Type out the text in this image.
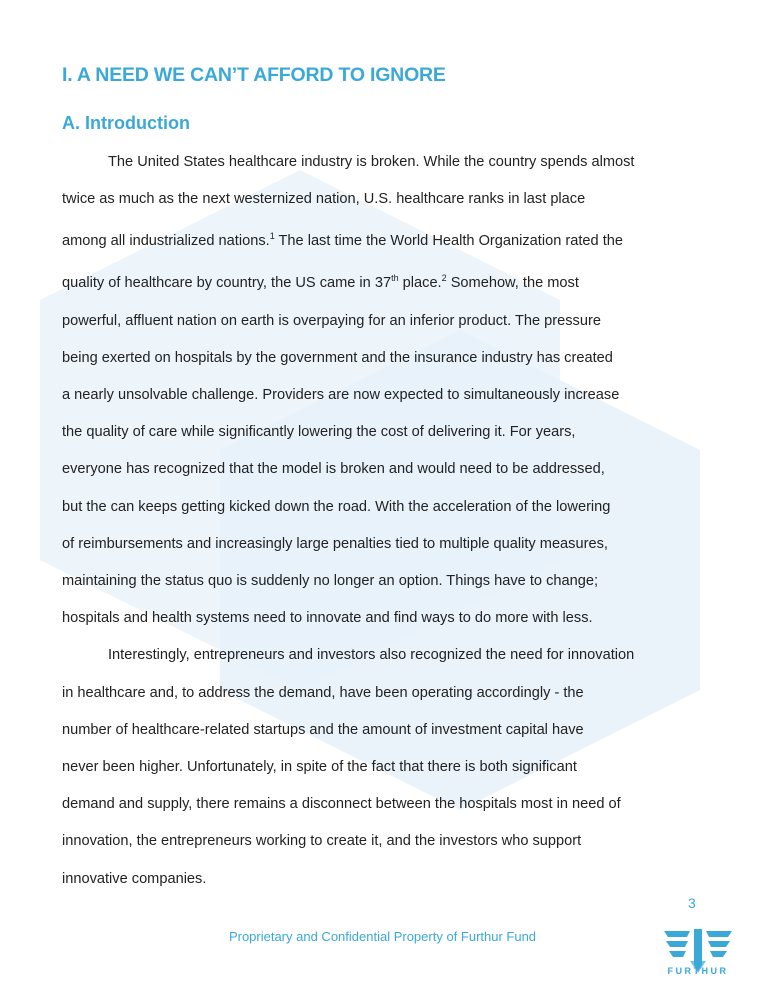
I. A NEED WE CAN’T AFFORD TO IGNORE
A. Introduction
The United States healthcare industry is broken. While the country spends almost
twice as much as the next westernized nation, U.S. healthcare ranks in last place
among all industrialized nations.$^1$ The last time the World Health Organization rated the
quality of healthcare by country, the US came in 37th place.$^2$ Somehow, the most
powerful, affluent nation on earth is overpaying for an inferior product. The pressure
being exerted on hospitals by the government and the insurance industry has created
a nearly unsolvable challenge. Providers are now expected to simultaneously increase
the quality of care while significantly lowering the cost of delivering it. For years,
everyone has recognized that the model is broken and would need to be addressed,
but the can keeps getting kicked down the road. With the acceleration of the lowering
of reimbursements and increasingly large penalties tied to multiple quality measures,
maintaining the status quo is suddenly no longer an option. Things have to change;
hospitals and health systems need to innovate and find ways to do more with less.
Interestingly, entrepreneurs and investors also recognized the need for innovation
in healthcare and, to address the demand, have been operating accordingly - the
number of healthcare-related startups and the amount of investment capital have
never been higher. Unfortunately, in spite of the fact that there is both significant
demand and supply, there remains a disconnect between the hospitals most in need of
innovation, the entrepreneurs working to create it, and the investors who support
innovative companies.
3
Proprietary and Confidential Property of Furthur Fund
FURTHUR
